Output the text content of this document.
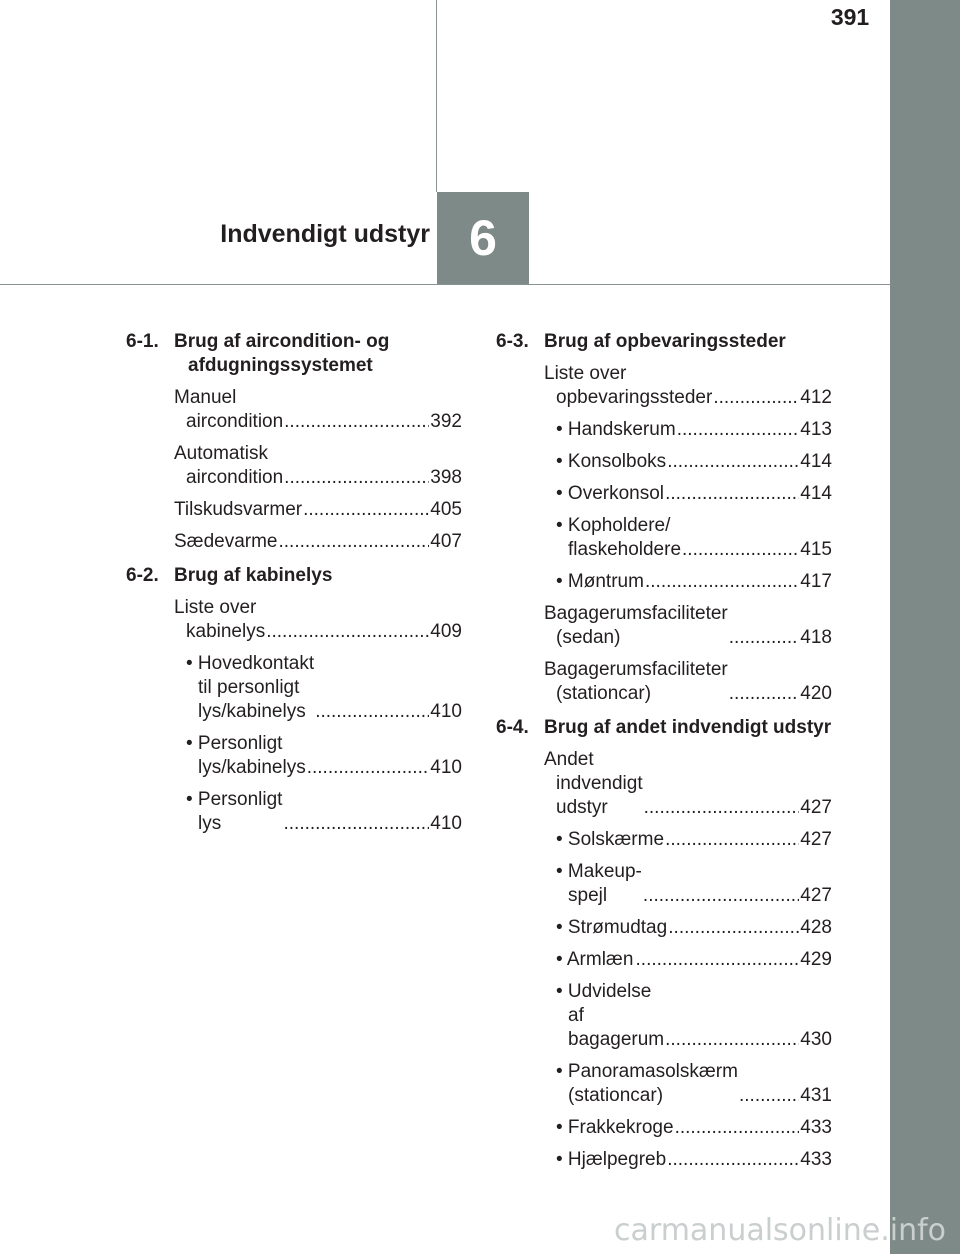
391
6
Indvendigt udstyr
6-1. Brug af aircondition- og afdugningssystemet
Manuel aircondition .....	392
Automatisk aircondition .....	398
Tilskudsvarmer .....	405
Sædevarme .....	407
6-2. Brug af kabinelys
Liste over kabinelys .....	409
• Hovedkontakt til personligt lys/kabinelys .....	410
• Personligt lys/kabinelys .....	410
• Personligt lys .....	410
6-3. Brug af opbevaringssteder
Liste over opbevaringssteder .....	412
• Handskerum .....	413
• Konsolboks .....	414
• Overkonsol .....	414
• Kopholdere/ flaskeholdere .....	415
• Møntrum .....	417
Bagagerumsfaciliteter (sedan) .....	418
Bagagerumsfaciliteter (stationcar) .....	420
6-4. Brug af andet indvendigt udstyr
Andet indvendigt udstyr .....	427
• Solskærme .....	427
• Makeup-spejl .....	427
• Strømudtag .....	428
• Armlæn .....	429
• Udvidelse af bagagerum .....	430
• Panoramasolskærm (stationcar) .....	431
• Frakkekroge .....	433
• Hjælpegreb .....	433
carmanualsonline.info
